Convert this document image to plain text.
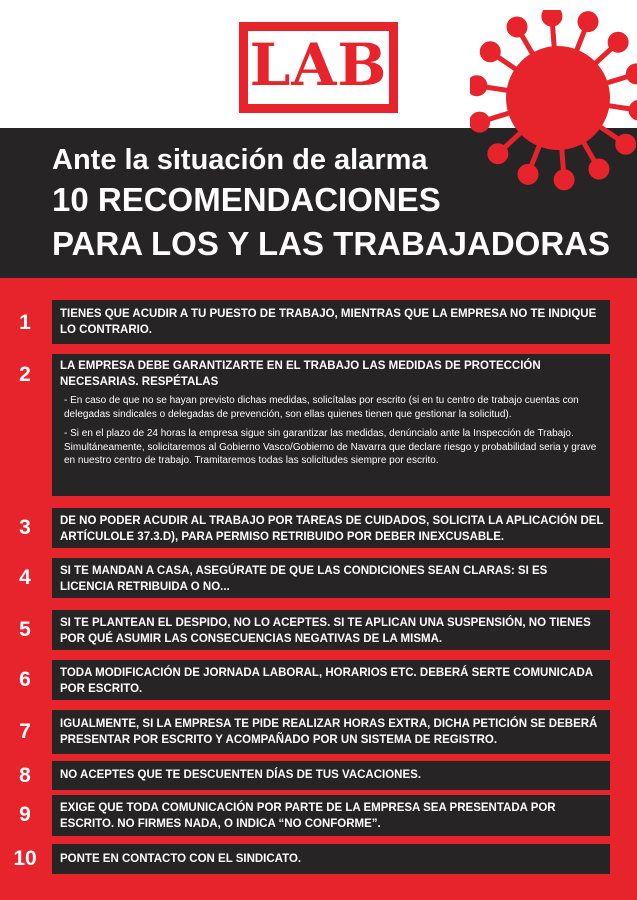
LAB
Ante la situación de alarma
10 RECOMENDACIONES
PARA LOS Y LAS TRABAJADORAS
1	TIENES QUE ACUDIR A TU PUESTO DE TRABAJO, MIENTRAS QUE LA EMPRESA NO TE INDIQUE LO CONTRARIO.
2	LA EMPRESA DEBE GARANTIZARTE EN EL TRABAJO LAS MEDIDAS DE PROTECCIÓN NECESARIAS. RESPÉTALAS
- En caso de que no se hayan previsto dichas medidas, solicítalas por escrito (si en tu centro de trabajo cuentas con delegadas sindicales o delegadas de prevención, son ellas quienes tienen que gestionar la solicitud).
- Si en el plazo de 24 horas la empresa sigue sin garantizar las medidas, denúncialo ante la Inspección de Trabajo. Simultáneamente, solicitaremos al Gobierno Vasco/Gobierno de Navarra que declare riesgo y probabilidad seria y grave en nuestro centro de trabajo. Tramitaremos todas las solicitudes siempre por escrito.
3	DE NO PODER ACUDIR AL TRABAJO POR TAREAS DE CUIDADOS, SOLICITA LA APLICACIÓN DEL ARTÍCULOLE 37.3.D), PARA PERMISO RETRIBUIDO POR DEBER INEXCUSABLE.
4	SI TE MANDAN A CASA, ASEGÚRATE DE QUE LAS CONDICIONES SEAN CLARAS: SI ES LICENCIA RETRIBUIDA O NO...
5	SI TE PLANTEAN EL DESPIDO, NO LO ACEPTES. SI TE APLICAN UNA SUSPENSIÓN, NO TIENES POR QUÉ ASUMIR LAS CONSECUENCIAS NEGATIVAS DE LA MISMA.
6	TODA MODIFICACIÓN DE JORNADA LABORAL, HORARIOS ETC. DEBERÁ SERTE COMUNICADA POR ESCRITO.
7	IGUALMENTE, SI LA EMPRESA TE PIDE REALIZAR HORAS EXTRA, DICHA PETICIÓN SE DEBERÁ PRESENTAR POR ESCRITO Y ACOMPAÑADO POR UN SISTEMA DE REGISTRO.
8	NO ACEPTES QUE TE DESCUENTEN DÍAS DE TUS VACACIONES.
9	EXIGE QUE TODA COMUNICACIÓN POR PARTE DE LA EMPRESA SEA PRESENTADA POR ESCRITO. NO FIRMES NADA, O INDICA “NO CONFORME”.
10	PONTE EN CONTACTO CON EL SINDICATO.
